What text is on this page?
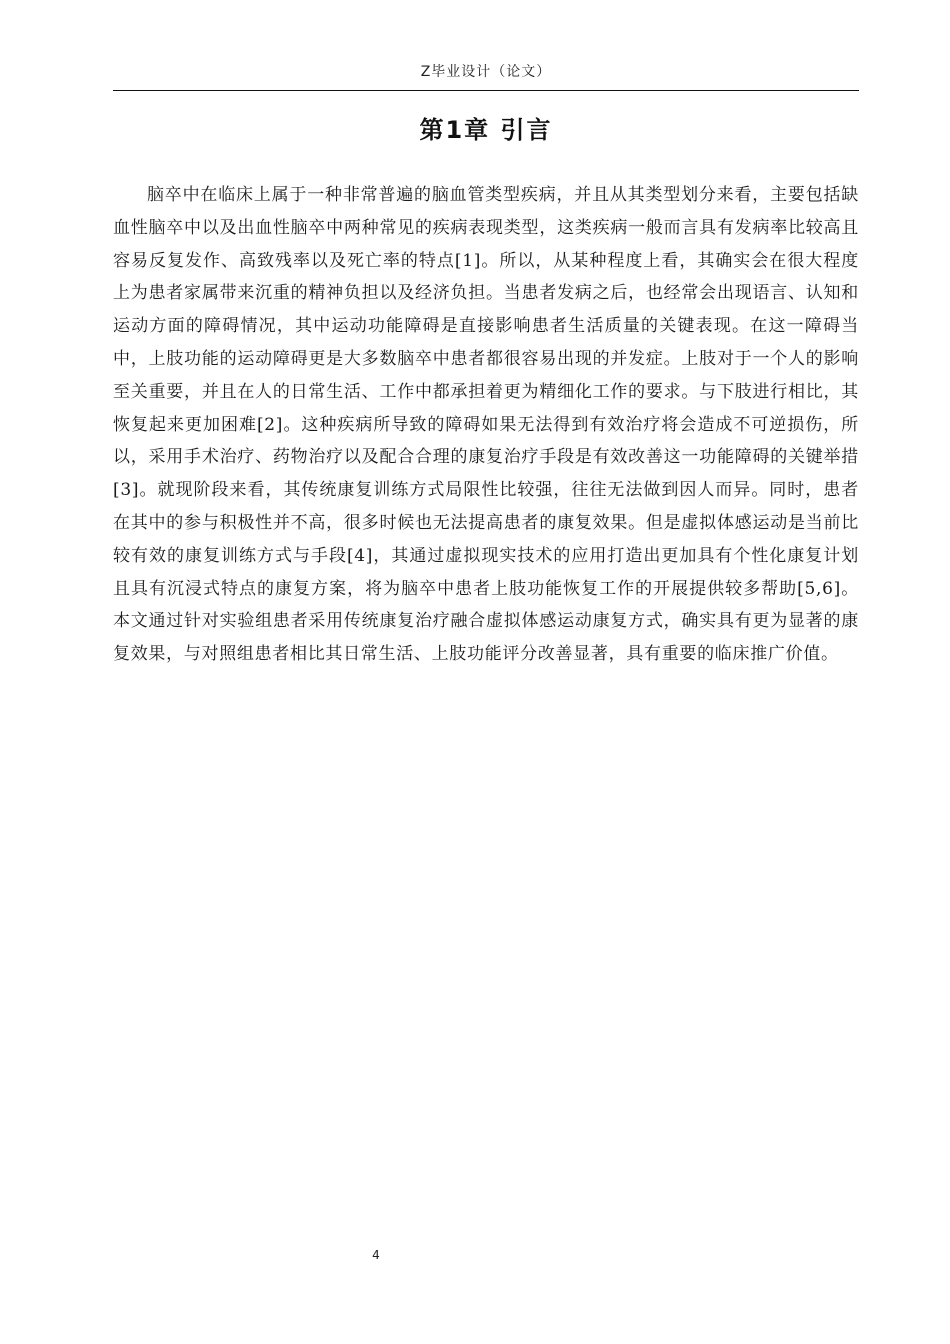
Z毕业设计（论文）
第1章 引言

脑卒中在临床上属于一种非常普遍的脑血管类型疾病，并且从其类型划分来看，主要包括缺血性脑卒中以及出血性脑卒中两种常见的疾病表现类型，这类疾病一般而言具有发病率比较高且容易反复发作、高致残率以及死亡率的特点[1]。所以，从某种程度上看，其确实会在很大程度上为患者家属带来沉重的精神负担以及经济负担。当患者发病之后，也经常会出现语言、认知和运动方面的障碍情况，其中运动功能障碍是直接影响患者生活质量的关键表现。在这一障碍当中，上肢功能的运动障碍更是大多数脑卒中患者都很容易出现的并发症。上肢对于一个人的影响至关重要，并且在人的日常生活、工作中都承担着更为精细化工作的要求。与下肢进行相比，其恢复起来更加困难[2]。这种疾病所导致的障碍如果无法得到有效治疗将会造成不可逆损伤，所以，采用手术治疗、药物治疗以及配合合理的康复治疗手段是有效改善这一功能障碍的关键举措[3]。就现阶段来看，其传统康复训练方式局限性比较强，往往无法做到因人而异。同时，患者在其中的参与积极性并不高，很多时候也无法提高患者的康复效果。但是虚拟体感运动是当前比较有效的康复训练方式与手段[4]，其通过虚拟现实技术的应用打造出更加具有个性化康复计划且具有沉浸式特点的康复方案，将为脑卒中患者上肢功能恢复工作的开展提供较多帮助[5,6]。本文通过针对实验组患者采用传统康复治疗融合虚拟体感运动康复方式，确实具有更为显著的康复效果，与对照组患者相比其日常生活、上肢功能评分改善显著，具有重要的临床推广价值。

4
